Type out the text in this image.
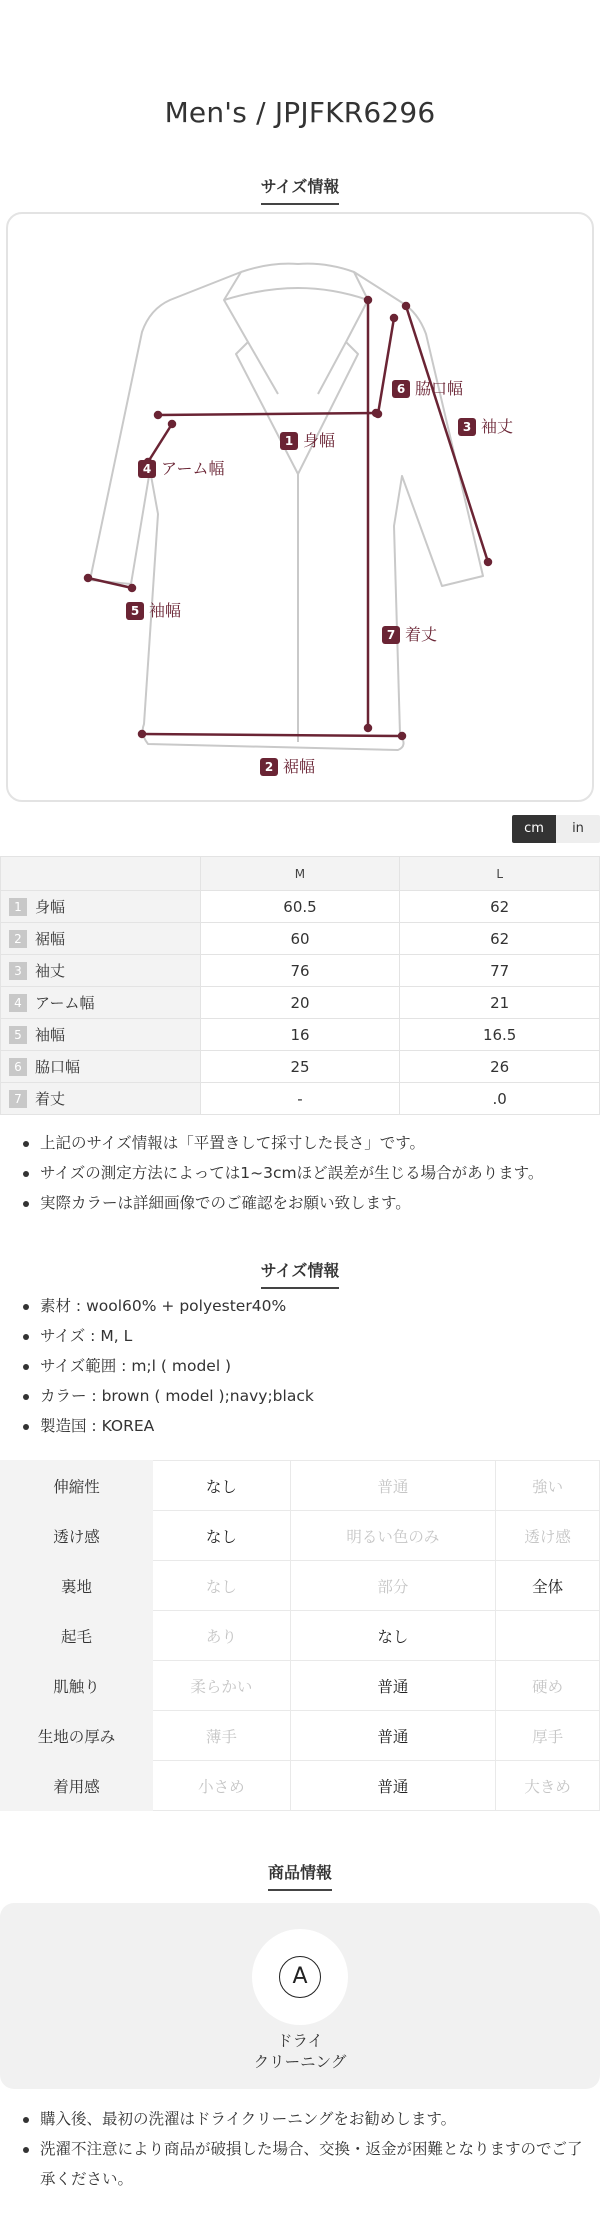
Men's / JPJFKR6296
サイズ情報
1 身幅
2 裾幅
3 袖丈
4 アーム幅
5 袖幅
6 脇口幅
7 着丈
cm	in
	M	L
1 身幅	60.5	62
2 裾幅	60	62
3 袖丈	76	77
4 アーム幅	20	21
5 袖幅	16	16.5
6 脇口幅	25	26
7 着丈	-	.0
上記のサイズ情報は「平置きして採寸した長さ」です。
サイズの測定方法によっては1~3cmほど誤差が生じる場合があります。
実際カラーは詳細画像でのご確認をお願い致します。
サイズ情報
素材 : wool60% + polyester40%
サイズ : M, L
サイズ範囲 : m;l ( model )
カラー : brown ( model );navy;black
製造国 : KOREA
伸縮性	なし	普通	強い
透け感	なし	明るい色のみ	透け感
裏地	なし	部分	全体
起毛	あり	なし	
肌触り	柔らかい	普通	硬め
生地の厚み	薄手	普通	厚手
着用感	小さめ	普通	大きめ
商品情報
A
ドライ
クリーニング
購入後、最初の洗濯はドライクリーニングをお勧めします。
洗濯不注意により商品が破損した場合、交換・返金が困難となりますのでご了承ください。
